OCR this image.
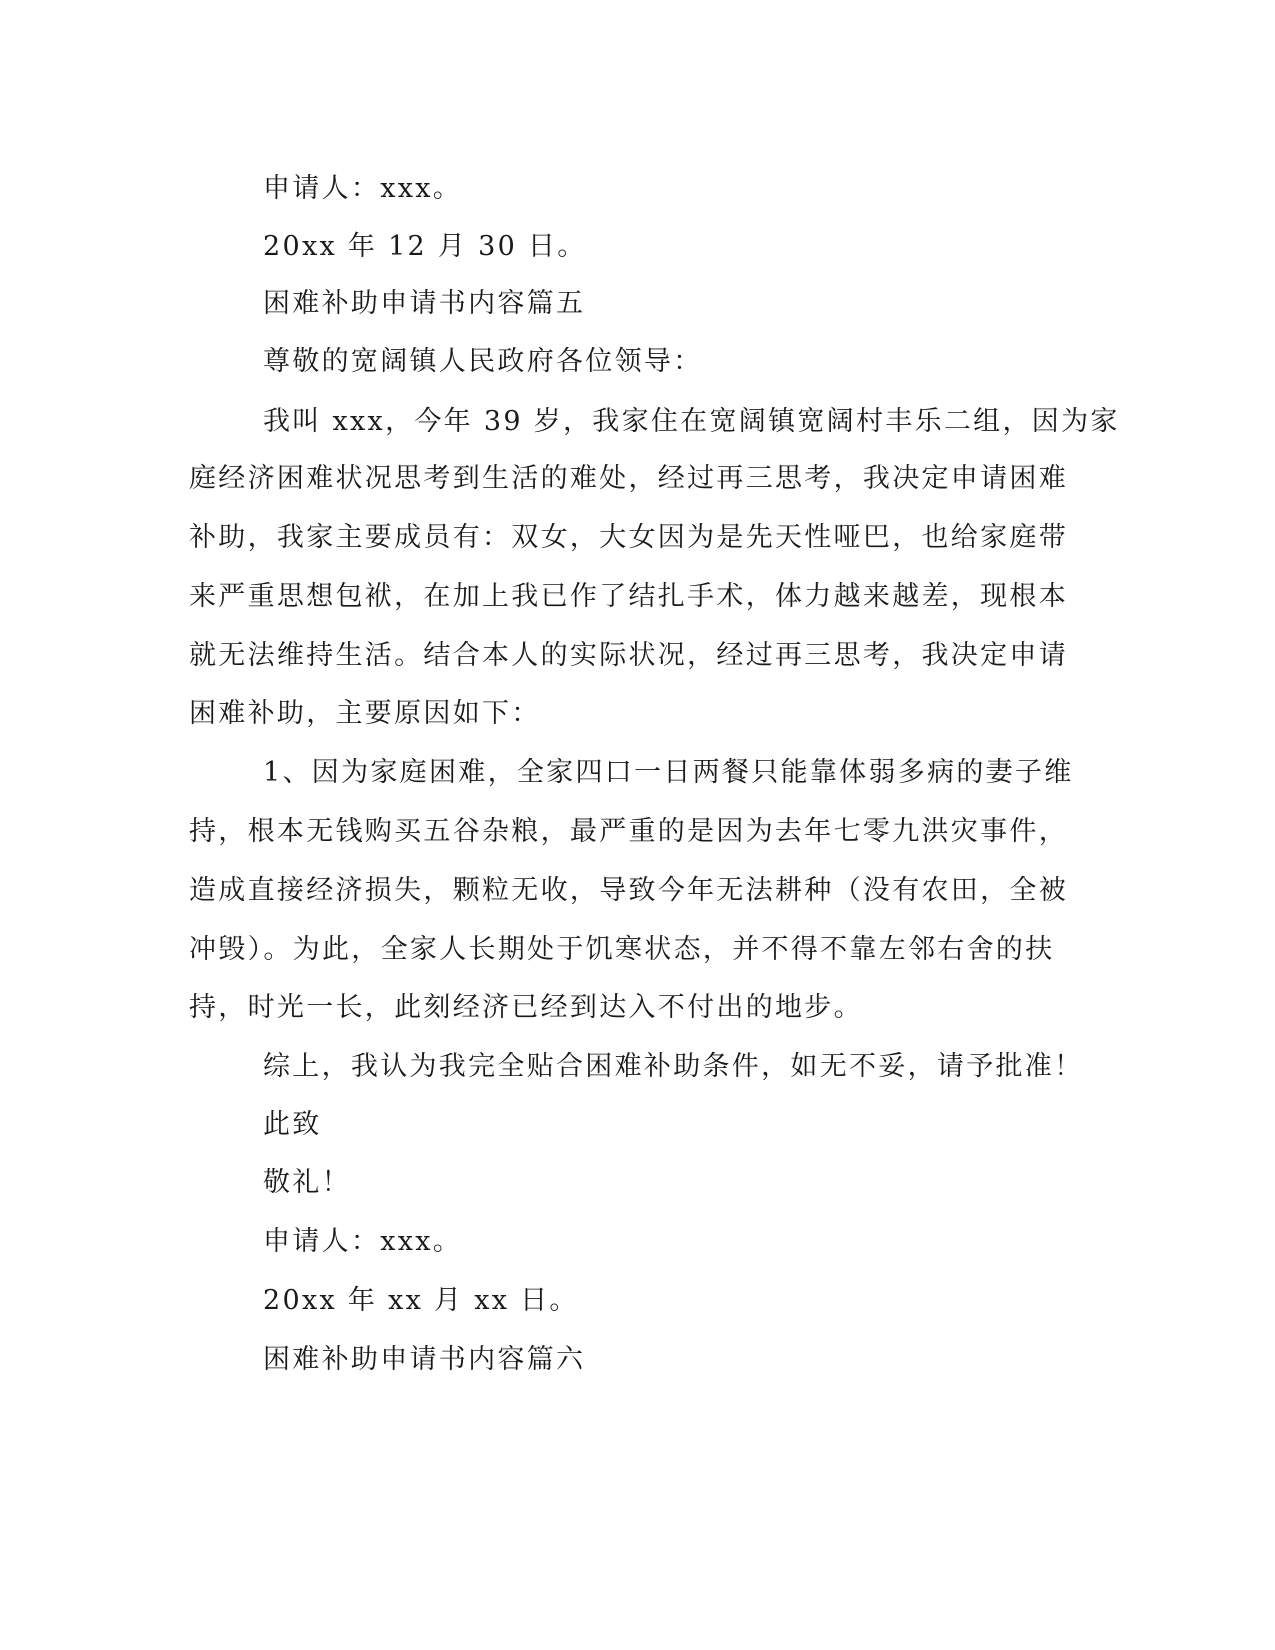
申请人：xxx。
20xx 年 12 月 30 日。
困难补助申请书内容篇五
尊敬的宽阔镇人民政府各位领导：
我叫 xxx，今年 39 岁，我家住在宽阔镇宽阔村丰乐二组，因为家
庭经济困难状况思考到生活的难处，经过再三思考，我决定申请困难
补助，我家主要成员有：双女，大女因为是先天性哑巴，也给家庭带
来严重思想包袱，在加上我已作了结扎手术，体力越来越差，现根本
就无法维持生活。结合本人的实际状况，经过再三思考，我决定申请
困难补助，主要原因如下：
1、因为家庭困难，全家四口一日两餐只能靠体弱多病的妻子维
持，根本无钱购买五谷杂粮，最严重的是因为去年七零九洪灾事件，
造成直接经济损失，颗粒无收，导致今年无法耕种（没有农田，全被
冲毁）。为此，全家人长期处于饥寒状态，并不得不靠左邻右舍的扶
持，时光一长，此刻经济已经到达入不付出的地步。
综上，我认为我完全贴合困难补助条件，如无不妥，请予批准！
此致
敬礼！
申请人：xxx。
20xx 年 xx 月 xx 日。
困难补助申请书内容篇六
